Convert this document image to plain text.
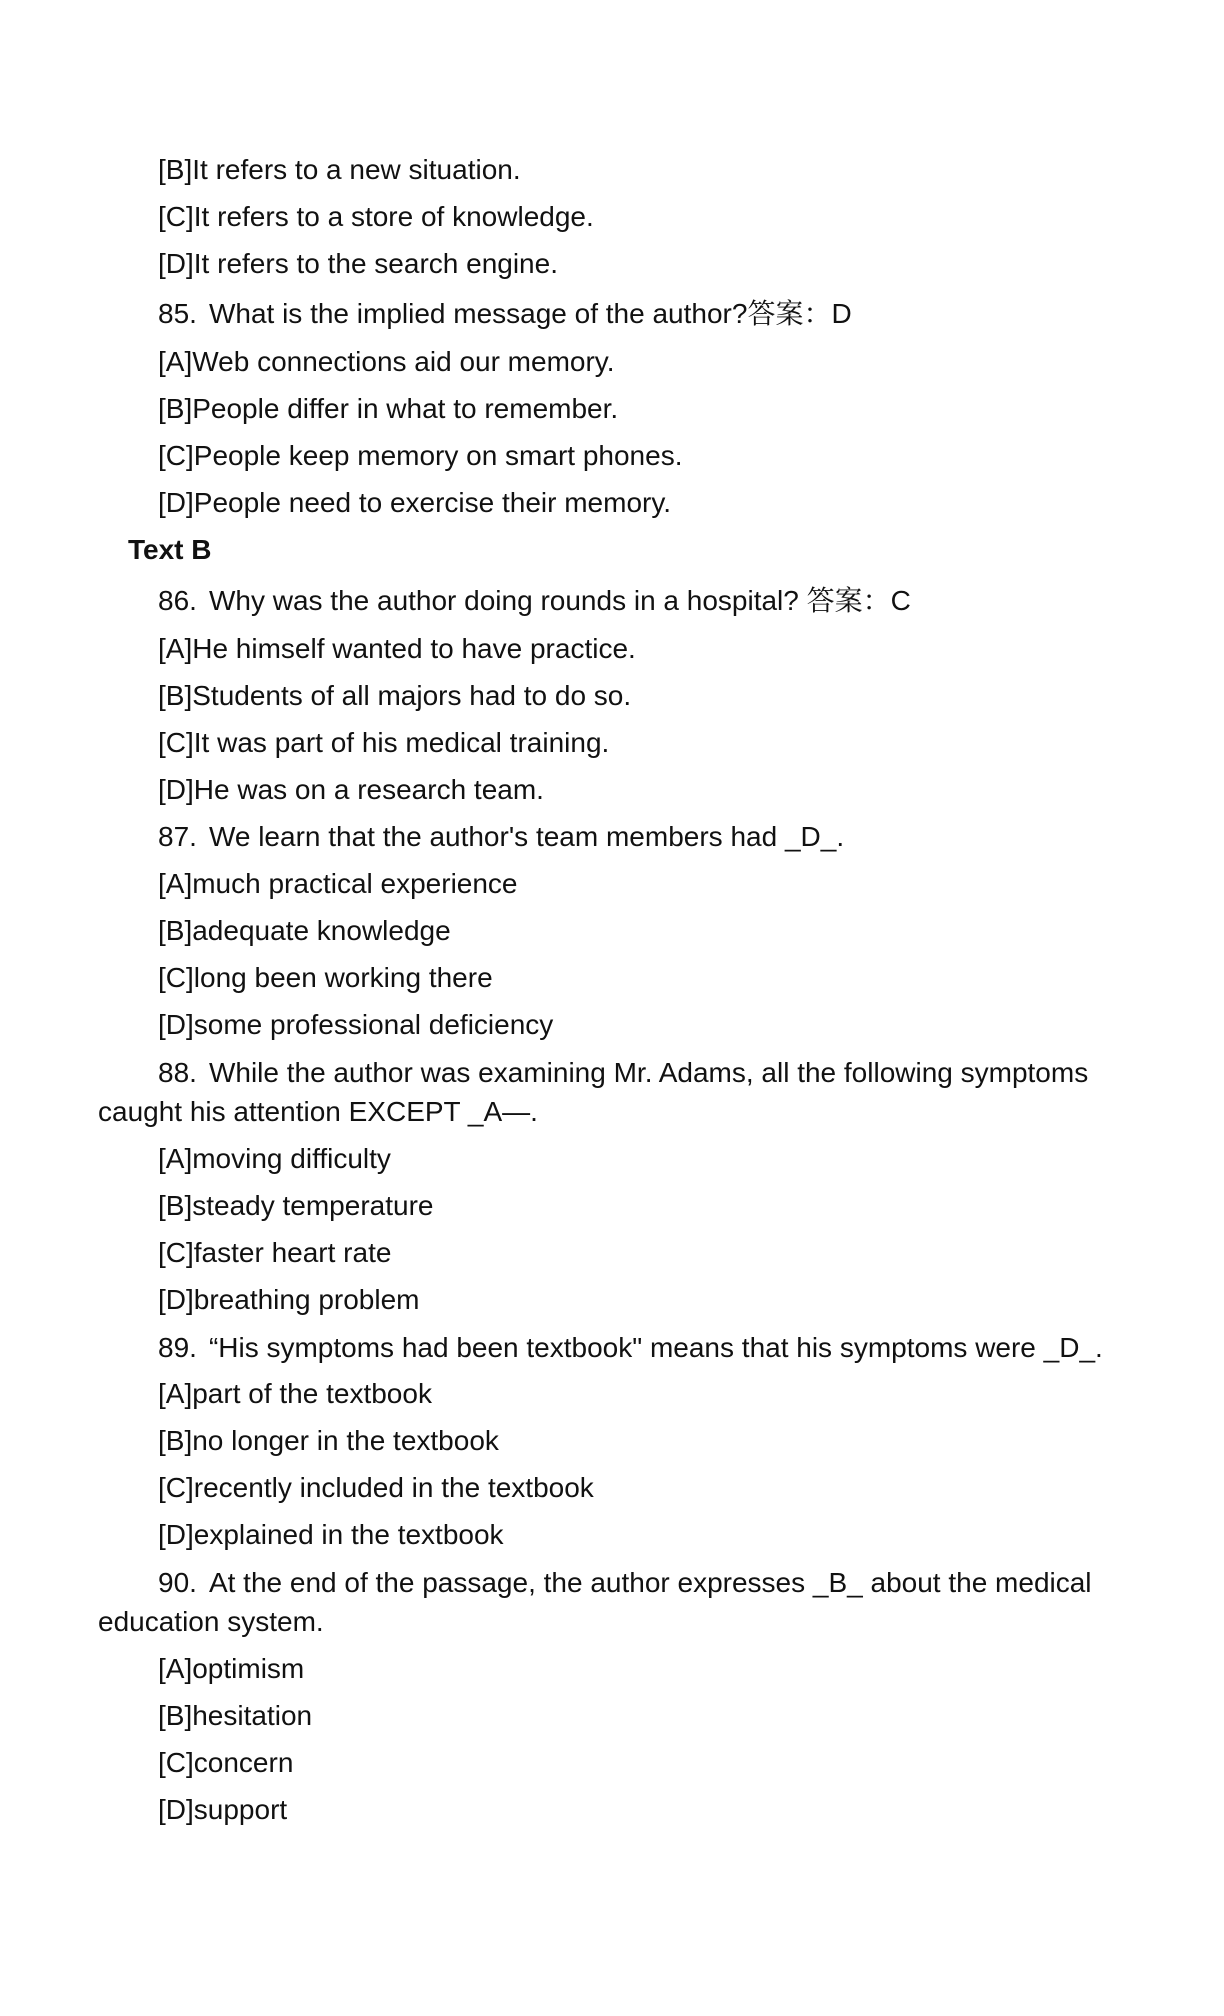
[B]It refers to a new situation.
[C]It refers to a store of knowledge.
[D]It refers to the search engine.
85. What is the implied message of the author?答案：D
[A]Web connections aid our memory.
[B]People differ in what to remember.
[C]People keep memory on smart phones.
[D]People need to exercise their memory.
Text B
86. Why was the author doing rounds in a hospital? 答案：C
[A]He himself wanted to have practice.
[B]Students of all majors had to do so.
[C]It was part of his medical training.
[D]He was on a research team.
87. We learn that the author's team members had _D_.
[A]much practical experience
[B]adequate knowledge
[C]long been working there
[D]some professional deficiency
88. While the author was examining Mr. Adams, all the following symptoms caught his attention EXCEPT _A—.
[A]moving difficulty
[B]steady temperature
[C]faster heart rate
[D]breathing problem
89. “His symptoms had been textbook" means that his symptoms were _D_.
[A]part of the textbook
[B]no longer in the textbook
[C]recently included in the textbook
[D]explained in the textbook
90. At the end of the passage, the author expresses _B_ about the medical education system.
[A]optimism
[B]hesitation
[C]concern
[D]support
